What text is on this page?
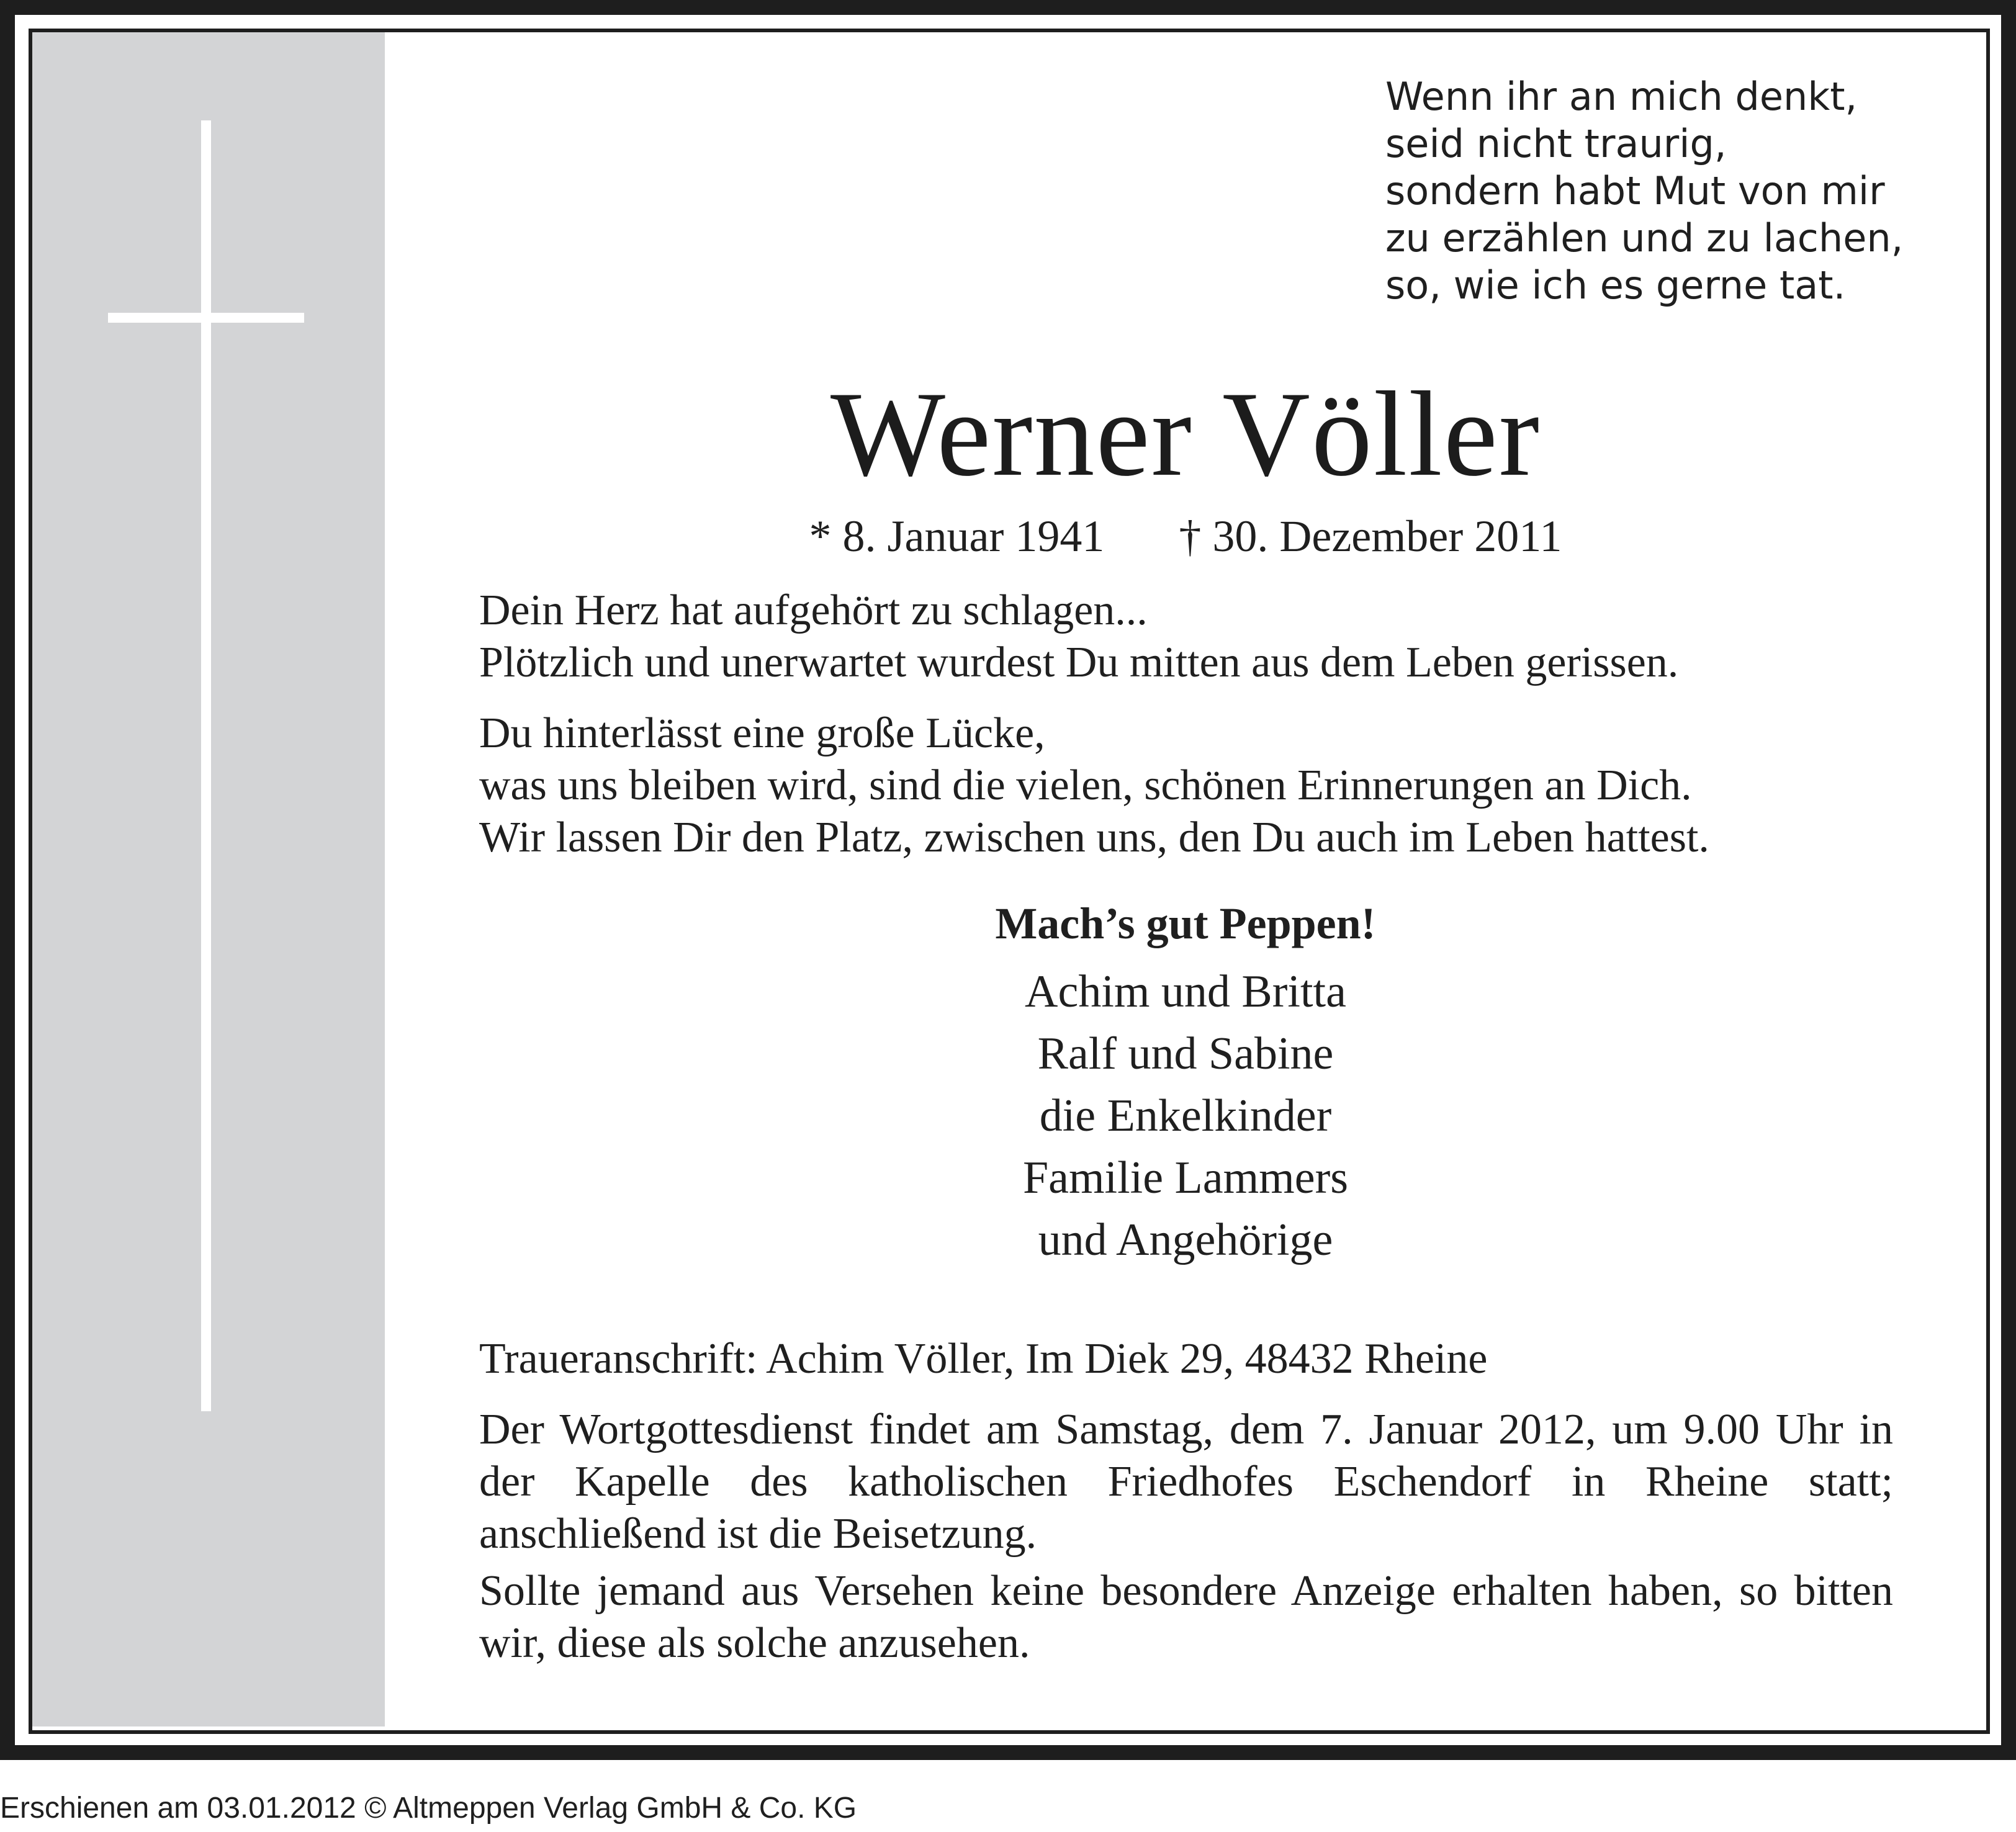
Wenn ihr an mich denkt,
seid nicht traurig,
sondern habt Mut von mir
zu erzählen und zu lachen,
so, wie ich es gerne tat.
Werner Völler
* 8. Januar 1941 † 30. Dezember 2011
Dein Herz hat aufgehört zu schlagen...
Plötzlich und unerwartet wurdest Du mitten aus dem Leben gerissen.
Du hinterlässt eine große Lücke,
was uns bleiben wird, sind die vielen, schönen Erinnerungen an Dich.
Wir lassen Dir den Platz, zwischen uns, den Du auch im Leben hattest.
Mach’s gut Peppen!
Achim und Britta
Ralf und Sabine
die Enkelkinder
Familie Lammers
und Angehörige
Traueranschrift: Achim Völler, Im Diek 29, 48432 Rheine
Der Wortgottesdienst findet am Samstag, dem 7. Januar 2012, um 9.00 Uhr in der Kapelle des katholischen Friedhofes Eschendorf in Rheine statt; anschließend ist die Beisetzung.
Sollte jemand aus Versehen keine besondere Anzeige erhalten haben, so bitten wir, diese als solche anzusehen.
Erschienen am 03.01.2012 © Altmeppen Verlag GmbH & Co. KG
